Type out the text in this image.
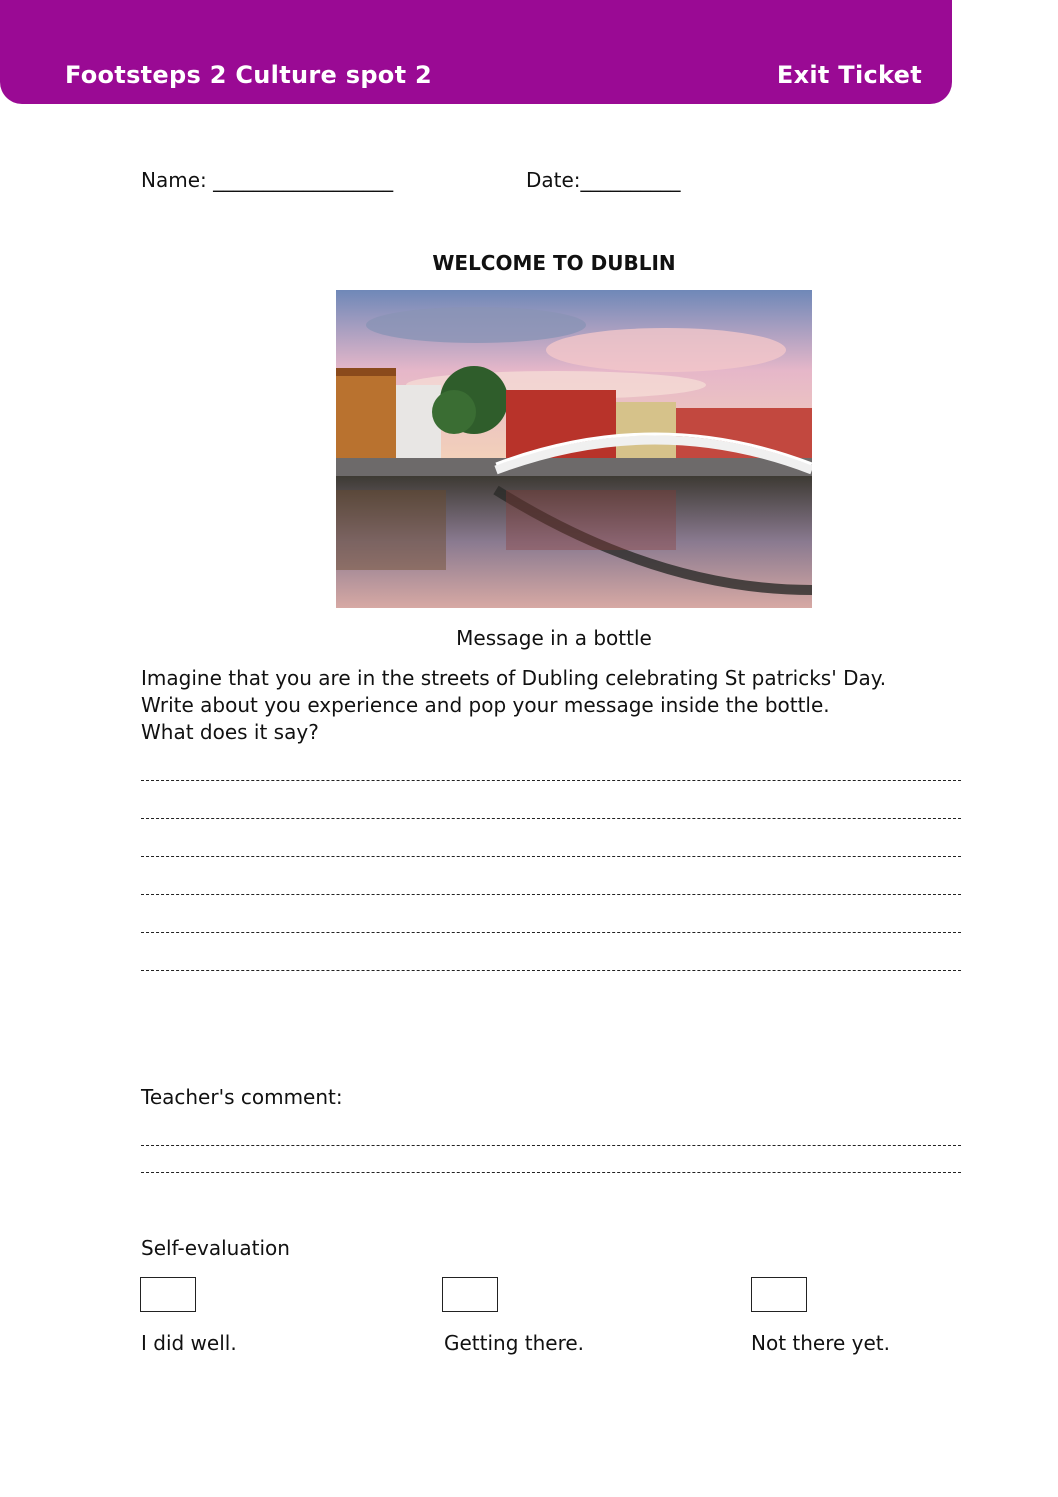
Footsteps 2 Culture spot 2	Exit Ticket
Name: __________________	Date:__________
WELCOME TO DUBLIN
Message in a bottle
Imagine that you are in the streets of Dubling celebrating St patricks' Day.
Write about you experience and pop your message inside the bottle.
What does it say?
Teacher's comment:
Self-evaluation
I did well.	Getting there.	Not there yet.
